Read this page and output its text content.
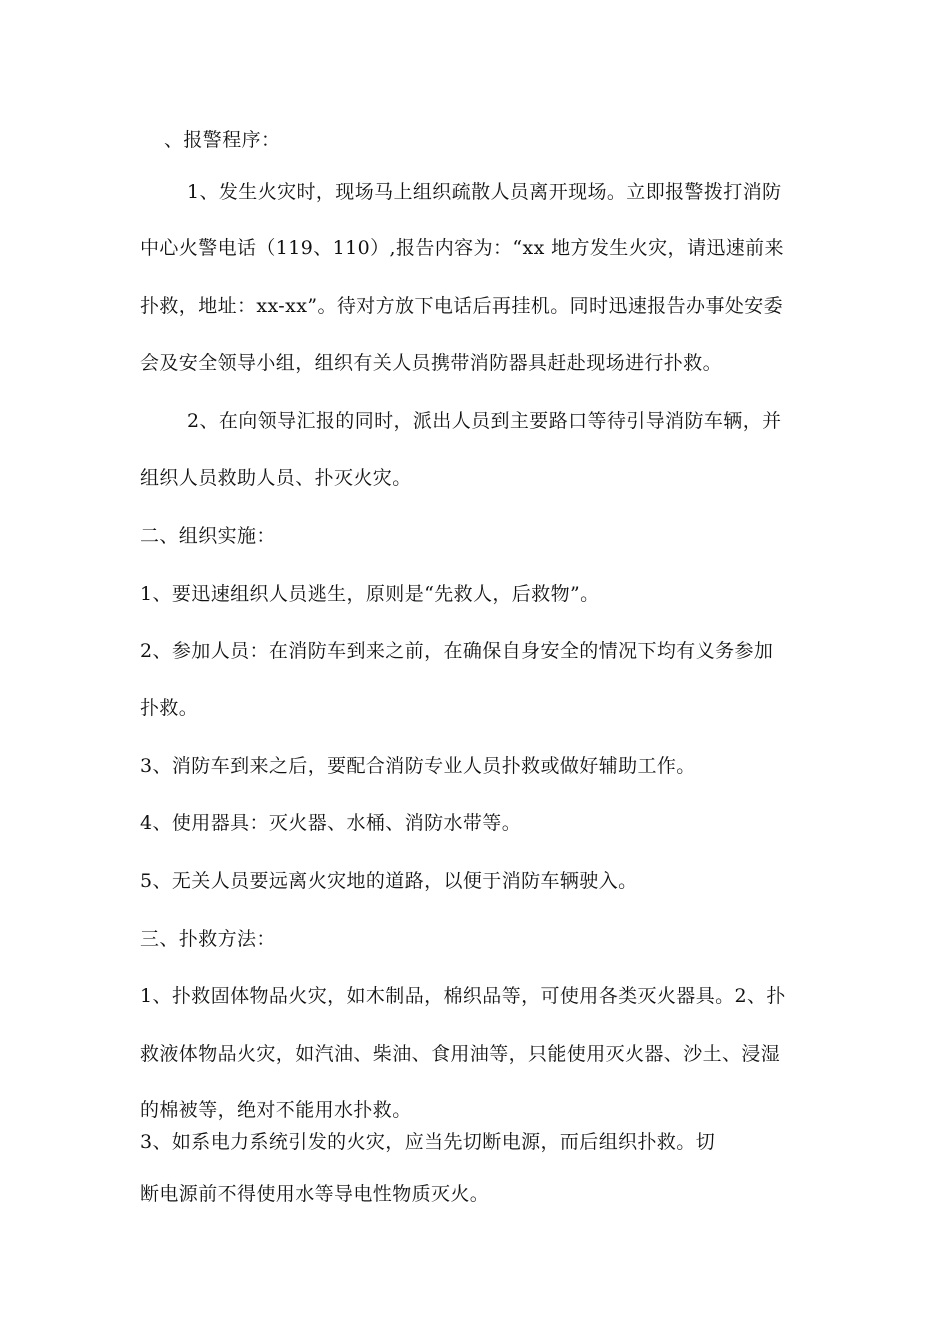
、报警程序：
1、发生火灾时，现场马上组织疏散人员离开现场。立即报警拨打消防
中心火警电话（119、110）,报告内容为：“xx 地方发生火灾，请迅速前来
扑救，地址：xx-xx”。待对方放下电话后再挂机。同时迅速报告办事处安委
会及安全领导小组，组织有关人员携带消防器具赶赴现场进行扑救。
2、在向领导汇报的同时，派出人员到主要路口等待引导消防车辆，并
组织人员救助人员、扑灭火灾。
二、组织实施：
1、要迅速组织人员逃生，原则是“先救人，后救物”。
2、参加人员：在消防车到来之前，在确保自身安全的情况下均有义务参加
扑救。
3、消防车到来之后，要配合消防专业人员扑救或做好辅助工作。
4、使用器具：灭火器、水桶、消防水带等。
5、无关人员要远离火灾地的道路，以便于消防车辆驶入。
三、扑救方法：
1、扑救固体物品火灾，如木制品，棉织品等，可使用各类灭火器具。2、扑
救液体物品火灾，如汽油、柴油、食用油等，只能使用灭火器、沙土、浸湿
的棉被等，绝对不能用水扑救。
3、如系电力系统引发的火灾，应当先切断电源，而后组织扑救。切
断电源前不得使用水等导电性物质灭火。
